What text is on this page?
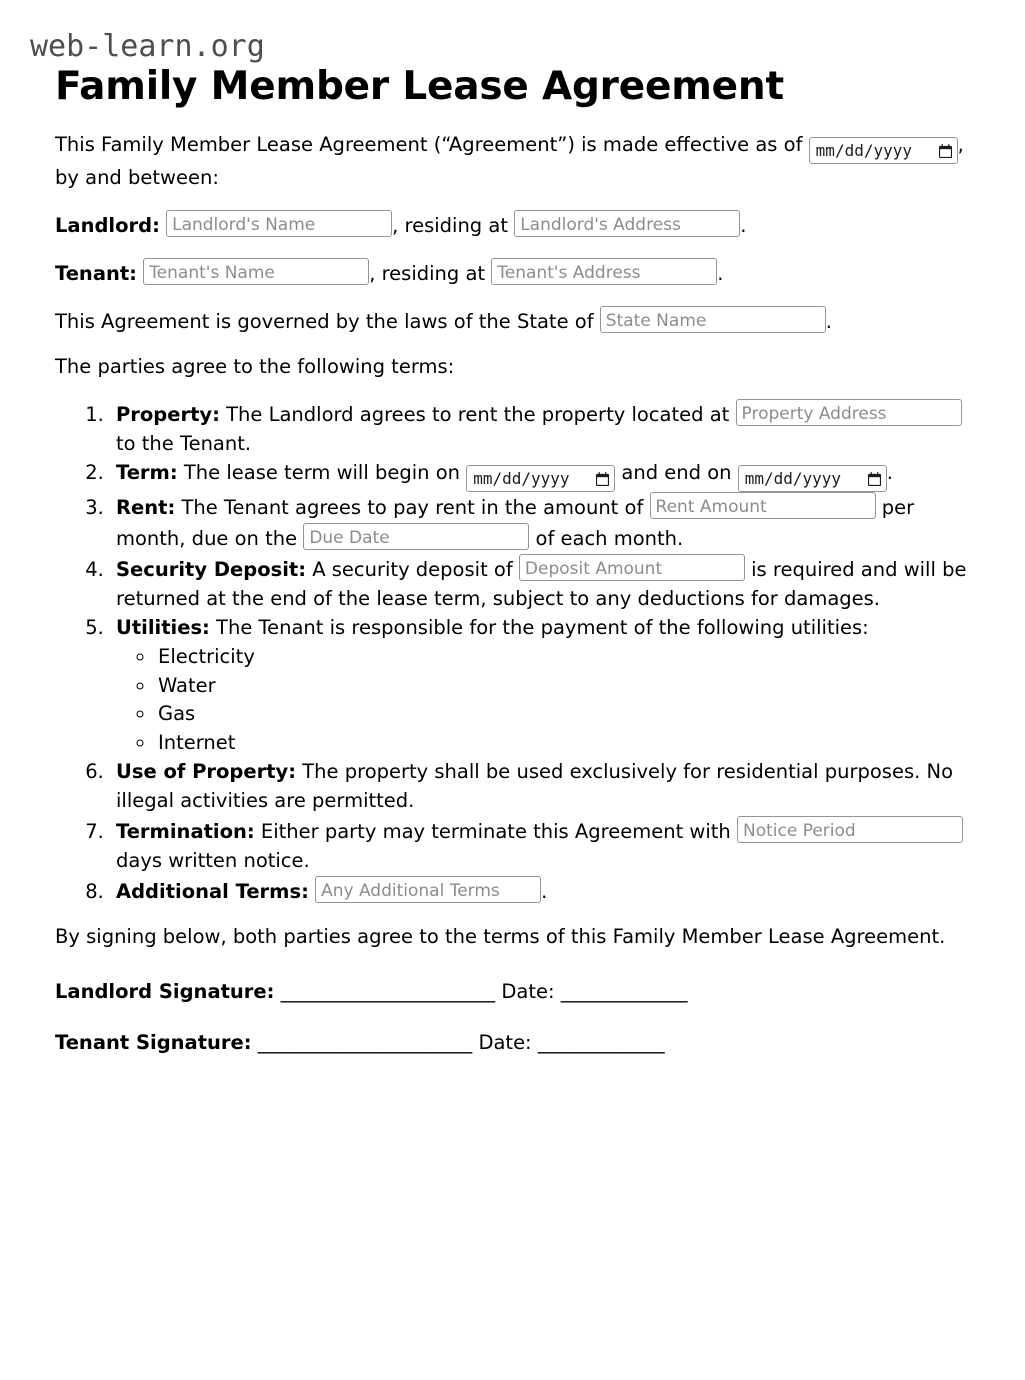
web-learn.org
Family Member Lease Agreement

This Family Member Lease Agreement (“Agreement”) is made effective as of mm/dd/yyyy , by and between:

Landlord: Landlord's Name	, residing at Landlord's Address	.

Tenant: Tenant's Name	, residing at Tenant's Address	.

This Agreement is governed by the laws of the State of State Name	.

The parties agree to the following terms:

1. Property: The Landlord agrees to rent the property located at Property Address to the Tenant.
2. Term: The lease term will begin on mm/dd/yyyy	and end on mm/dd/yyyy .
3. Rent: The Tenant agrees to pay rent in the amount of Rent Amount	per month, due on the Due Date	of each month.
4. Security Deposit: A security deposit of Deposit Amount	is required and will be returned at the end of the lease term, subject to any deductions for damages.
5. Utilities: The Tenant is responsible for the payment of the following utilities:
◦ Electricity
◦ Water
◦ Gas
◦ Internet
6. Use of Property: The property shall be used exclusively for residential purposes. No illegal activities are permitted.
7. Termination: Either party may terminate this Agreement with Notice Period days written notice.
8. Additional Terms: Any Additional Terms .

By signing below, both parties agree to the terms of this Family Member Lease Agreement.

Landlord Signature: ______________________ Date: _____________
Tenant Signature: ______________________ Date: _____________
